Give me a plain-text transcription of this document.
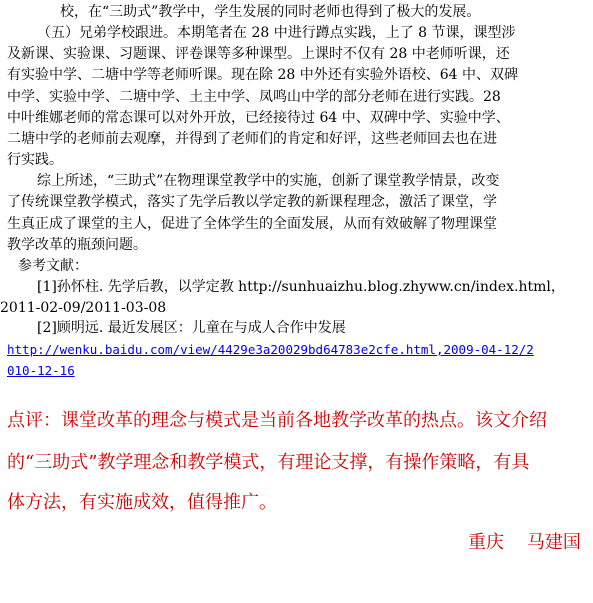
校，在“三助式”教学中，学生发展的同时老师也得到了极大的发展。
（五）兄弟学校跟进。本期笔者在 28 中进行蹲点实践，上了 8 节课，课型涉
及新课、实验课、习题课、评卷课等多种课型。上课时不仅有 28 中老师听课，还
有实验中学、二塘中学等老师听课。现在除 28 中外还有实验外语校、64 中、双碑
中学、实验中学、二塘中学、土主中学、凤鸣山中学的部分老师在进行实践。28
中叶维娜老师的常态课可以对外开放，已经接待过 64 中、双碑中学、实验中学、
二塘中学的老师前去观摩，并得到了老师们的肯定和好评，这些老师回去也在进
行实践。
综上所述，“三助式”在物理课堂教学中的实施，创新了课堂教学情景，改变
了传统课堂教学模式，落实了先学后教以学定教的新课程理念，激活了课堂，学
生真正成了课堂的主人，促进了全体学生的全面发展，从而有效破解了物理课堂
教学改革的瓶颈问题。
参考文献：
[1]孙怀柱. 先学后教，以学定教 http://sunhuaizhu.blog.zhyww.cn/index.html，
2011-02-09/2011-03-08
[2]顾明远. 最近发展区：儿童在与成人合作中发展
http://wenku.baidu.com/view/4429e3a20029bd64783e2cfe.html,2009-04-12/2
010-12-16
点评：课堂改革的理念与模式是当前各地教学改革的热点。该文介绍
的“三助式”教学理念和教学模式，有理论支撑，有操作策略，有具
体方法，有实施成效，值得推广。
重庆    马建国
